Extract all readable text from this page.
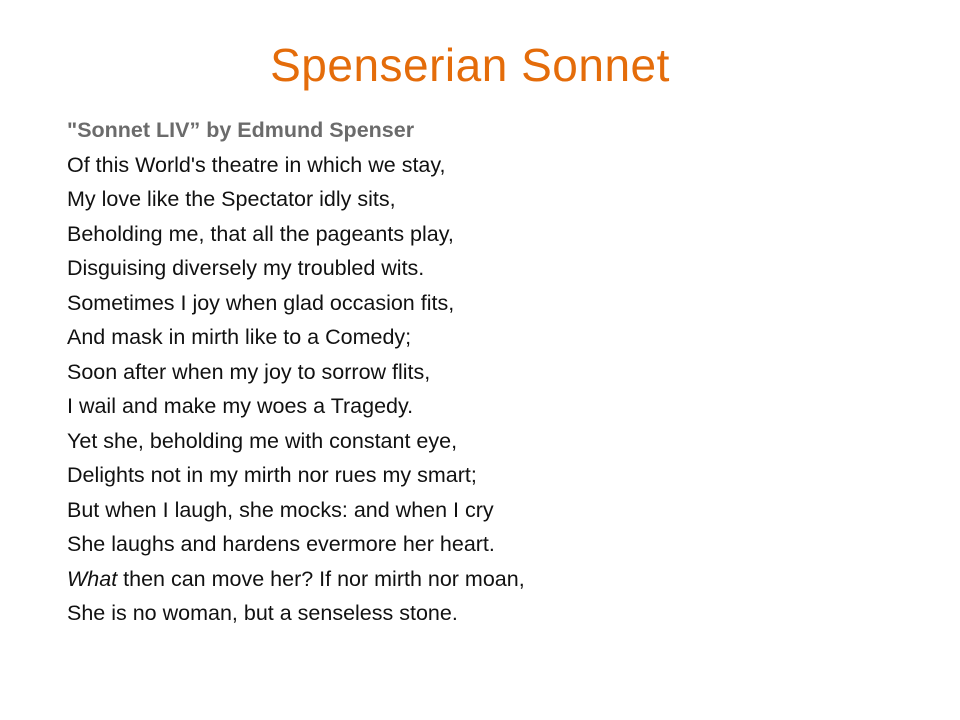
Spenserian Sonnet
"Sonnet LIV” by Edmund Spenser
Of this World's theatre in which we stay,
My love like the Spectator idly sits,
Beholding me, that all the pageants play,
Disguising diversely my troubled wits.
Sometimes I joy when glad occasion fits,
And mask in mirth like to a Comedy;
Soon after when my joy to sorrow flits,
I wail and make my woes a Tragedy.
Yet she, beholding me with constant eye,
Delights not in my mirth nor rues my smart;
But when I laugh, she mocks: and when I cry
She laughs and hardens evermore her heart.
What then can move her? If nor mirth nor moan,
She is no woman, but a senseless stone.
